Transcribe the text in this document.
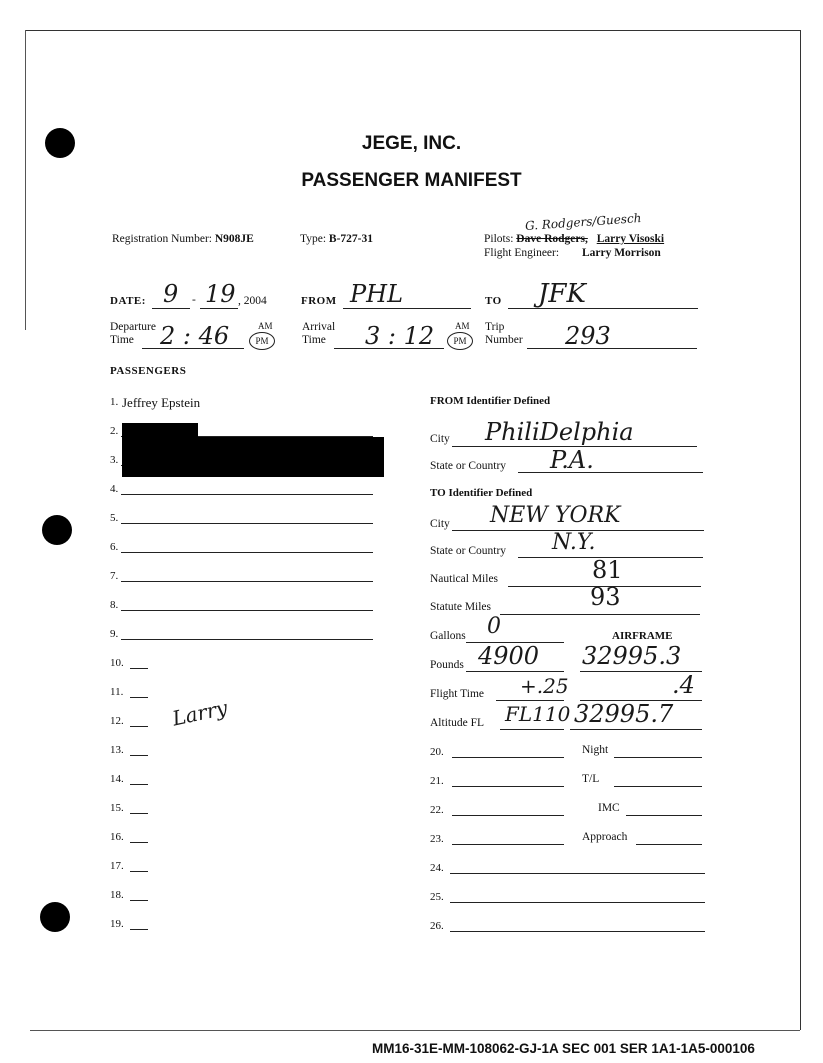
JEGE, INC.
PASSENGER MANIFEST
Registration Number: N908JE	Type: B-727-31
G. Rodgers/Guesch
Pilots: Dave Rodgers, Larry Visoski
Flight Engineer: Larry Morrison
DATE: 9 - 19 , 2004	FROM PHL	TO JFK
Departure
Time	2 : 46	AM
PM
Arrival
Time	3 : 12 AM
PM
Trip
Number 293
PASSENGERS
1. Jeffrey Epstein
2.
3.
4.
5.
6.
7.
8.
9.
10.
11.
12. Larry
13.
14.
15.
16.
17.
18.
19.
FROM Identifier Defined
City PhiliDelphia
State or Country P.A.
TO Identifier Defined
City NEW YORK
State or Country N.Y.
Nautical Miles	81
Statute Miles	93
Gallons 0	AIRFRAME
Pounds 4900 32995.3
Flight Time +.25	.4
Altitude FL FL110 32995.7
20.	Night
21.	T/L
22.	IMC
23.	Approach
24.
25.
26.
MM16-31E-MM-108062-GJ-1A SEC 001 SER 1A1-1A5-000106
